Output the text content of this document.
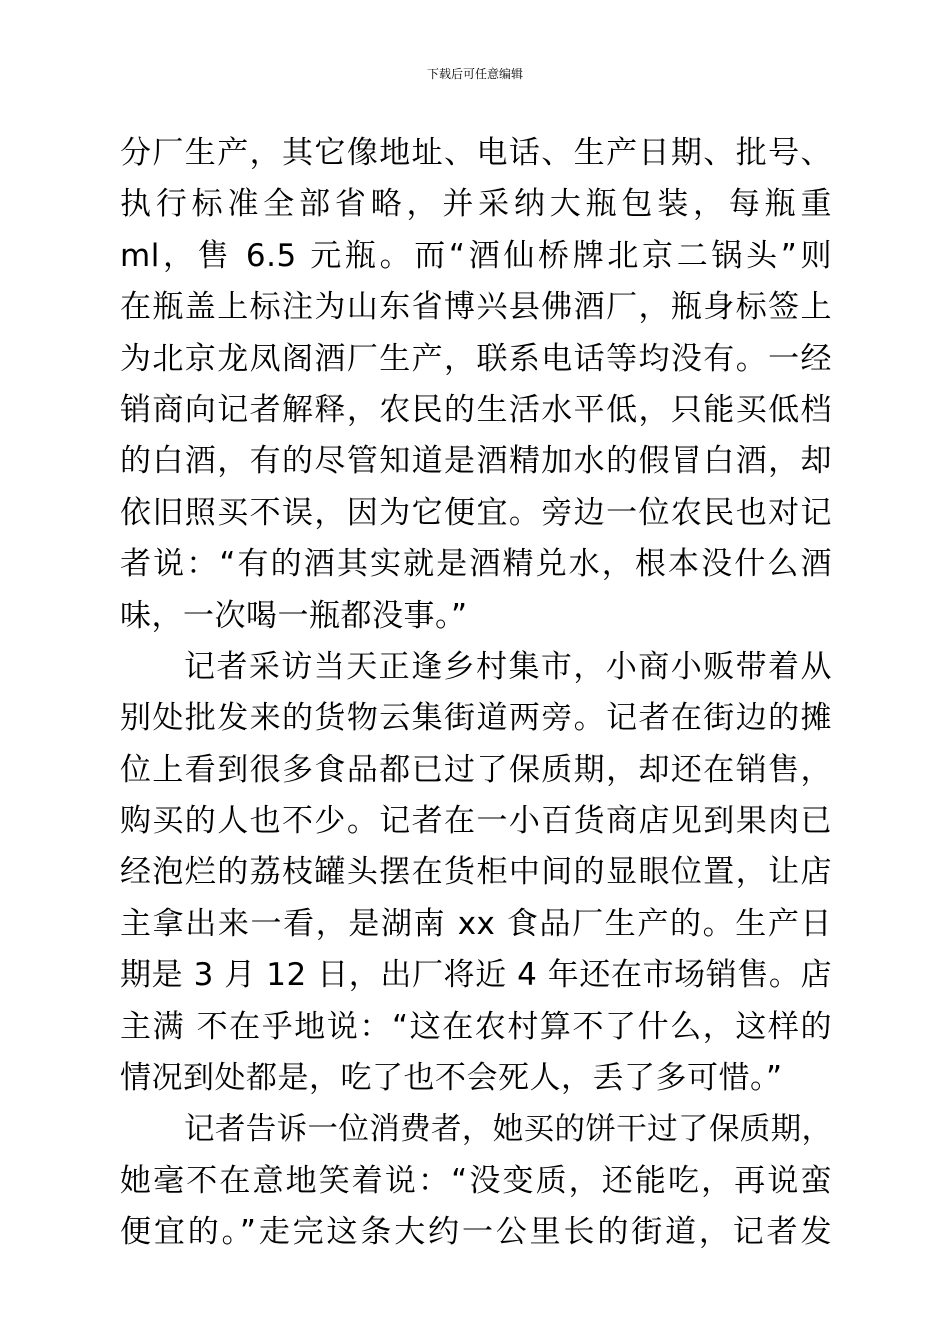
下载后可任意编辑
分厂生产，其它像地址、电话、生产日期、批号、
执行标准全部省略，并采纳大瓶包装，每瓶重
ml，售 6.5 元瓶。而“酒仙桥牌北京二锅头”则
在瓶盖上标注为山东省博兴县佛酒厂，瓶身标签上
为北京龙凤阁酒厂生产，联系电话等均没有。一经
销商向记者解释，农民的生活水平低，只能买低档
的白酒，有的尽管知道是酒精加水的假冒白酒，却
依旧照买不误，因为它便宜。旁边一位农民也对记
者说：“有的酒其实就是酒精兑水，根本没什么酒
味，一次喝一瓶都没事。”
记者采访当天正逢乡村集市，小商小贩带着从
别处批发来的货物云集街道两旁。记者在街边的摊
位上看到很多食品都已过了保质期，却还在销售，
购买的人也不少。记者在一小百货商店见到果肉已
经泡烂的荔枝罐头摆在货柜中间的显眼位置，让店
主拿出来一看，是湖南 xx 食品厂生产的。生产日
期是 3 月 12 日，出厂将近 4 年还在市场销售。店
主满 不在乎地说：“这在农村算不了什么，这样的
情况到处都是，吃了也不会死人，丢了多可惜。”
记者告诉一位消费者，她买的饼干过了保质期，
她毫不在意地笑着说：“没变质，还能吃，再说蛮
便宜的。”走完这条大约一公里长的街道，记者发
